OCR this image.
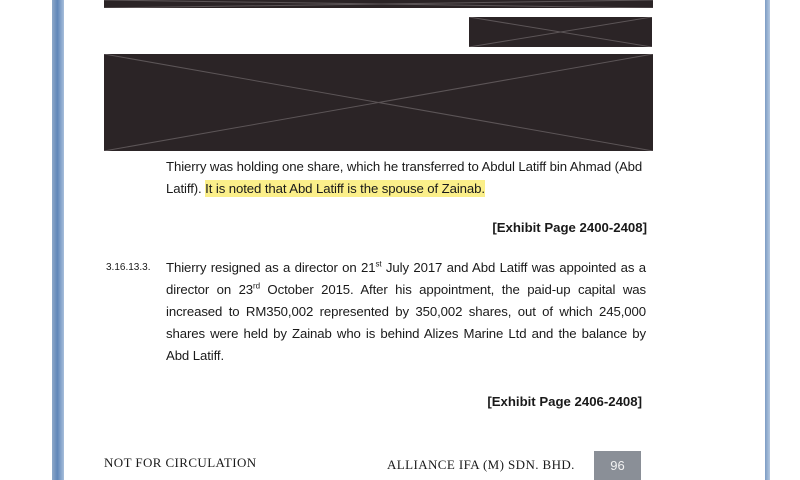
Thierry was holding one share, which he transferred to Abdul Latiff bin Ahmad (Abd Latiff). It is noted that Abd Latiff is the spouse of Zainab.
[Exhibit Page 2400-2408]
3.16.13.3. Thierry resigned as a director on 21st July 2017 and Abd Latiff was appointed as a director on 23rd October 2015. After his appointment, the paid-up capital was increased to RM350,002 represented by 350,002 shares, out of which 245,000 shares were held by Zainab who is behind Alizes Marine Ltd and the balance by Abd Latiff.
[Exhibit Page 2406-2408]
NOT FOR CIRCULATION	ALLIANCE IFA (M) SDN. BHD.	96
